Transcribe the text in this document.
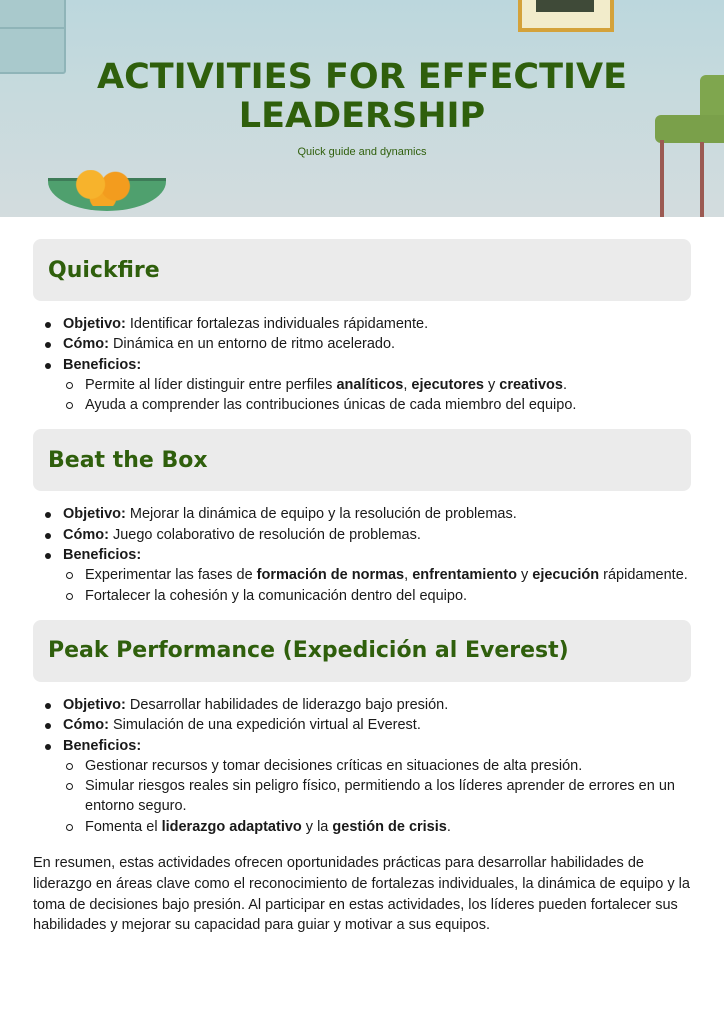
ACTIVITIES FOR EFFECTIVE LEADERSHIP
Quick guide and dynamics
Quickfire
Objetivo: Identificar fortalezas individuales rápidamente.
Cómo: Dinámica en un entorno de ritmo acelerado.
Beneficios:
Permite al líder distinguir entre perfiles analíticos, ejecutores y creativos.
Ayuda a comprender las contribuciones únicas de cada miembro del equipo.
Beat the Box
Objetivo: Mejorar la dinámica de equipo y la resolución de problemas.
Cómo: Juego colaborativo de resolución de problemas.
Beneficios:
Experimentar las fases de formación de normas, enfrentamiento y ejecución rápidamente.
Fortalecer la cohesión y la comunicación dentro del equipo.
Peak Performance (Expedición al Everest)
Objetivo: Desarrollar habilidades de liderazgo bajo presión.
Cómo: Simulación de una expedición virtual al Everest.
Beneficios:
Gestionar recursos y tomar decisiones críticas en situaciones de alta presión.
Simular riesgos reales sin peligro físico, permitiendo a los líderes aprender de errores en un entorno seguro.
Fomenta el liderazgo adaptativo y la gestión de crisis.

En resumen, estas actividades ofrecen oportunidades prácticas para desarrollar habilidades de liderazgo en áreas clave como el reconocimiento de fortalezas individuales, la dinámica de equipo y la toma de decisiones bajo presión. Al participar en estas actividades, los líderes pueden fortalecer sus habilidades y mejorar su capacidad para guiar y motivar a sus equipos.
